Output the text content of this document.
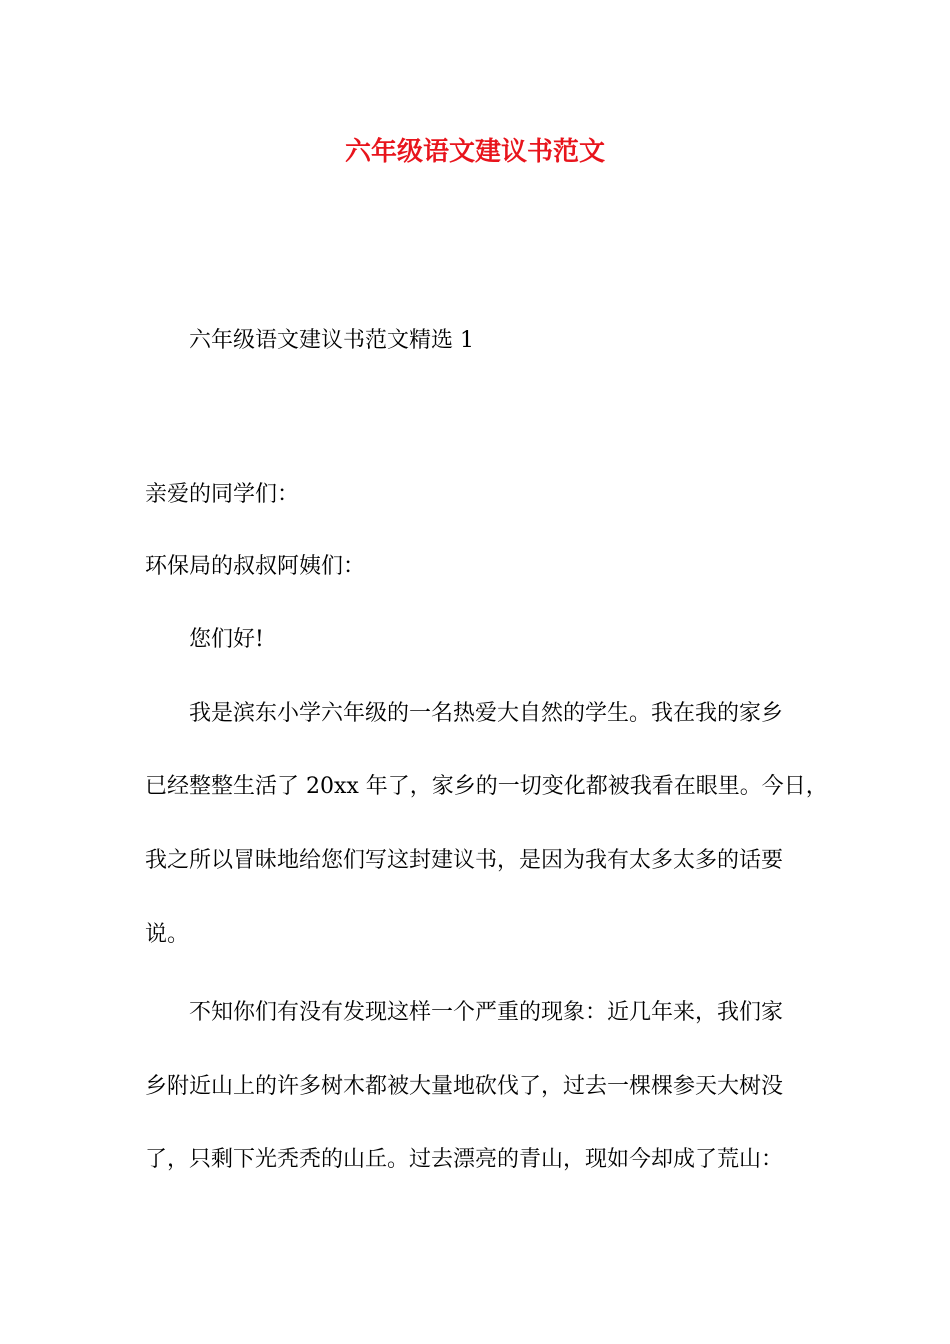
六年级语文建议书范文
六年级语文建议书范文精选 1
亲爱的同学们：
环保局的叔叔阿姨们：
您们好!
我是滨东小学六年级的一名热爱大自然的学生。我在我的家乡
已经整整生活了 20xx 年了，家乡的一切变化都被我看在眼里。今日，
我之所以冒昧地给您们写这封建议书，是因为我有太多太多的话要
说。
不知你们有没有发现这样一个严重的现象：近几年来，我们家
乡附近山上的许多树木都被大量地砍伐了，过去一棵棵参天大树没
了，只剩下光秃秃的山丘。过去漂亮的青山，现如今却成了荒山：
